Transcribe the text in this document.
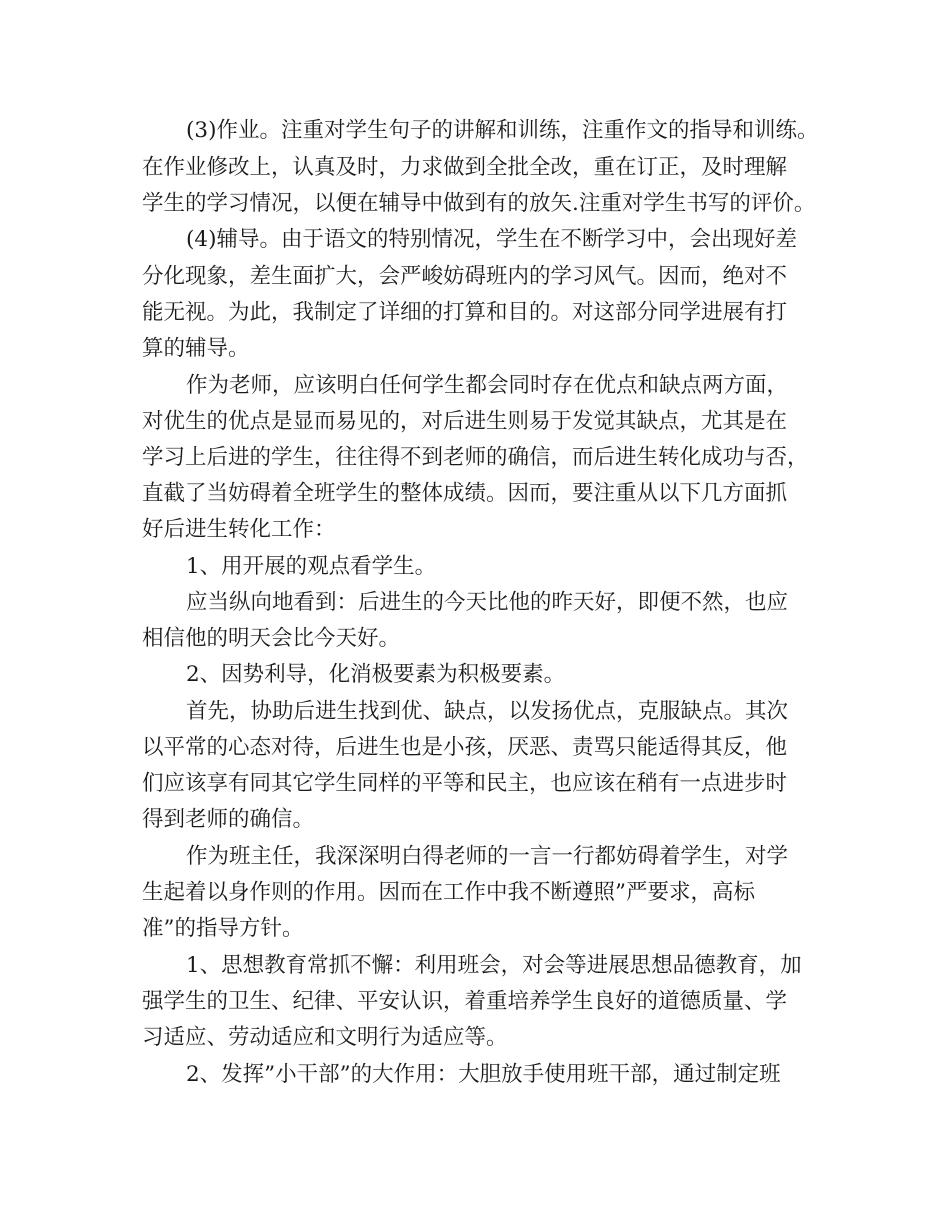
(3)作业。注重对学生句子的讲解和训练，注重作文的指导和训练。
在作业修改上，认真及时，力求做到全批全改，重在订正，及时理解
学生的学习情况，以便在辅导中做到有的放矢.注重对学生书写的评价。
(4)辅导。由于语文的特别情况，学生在不断学习中，会出现好差
分化现象，差生面扩大，会严峻妨碍班内的学习风气。因而，绝对不
能无视。为此，我制定了详细的打算和目的。对这部分同学进展有打
算的辅导。
作为老师，应该明白任何学生都会同时存在优点和缺点两方面，
对优生的优点是显而易见的，对后进生则易于发觉其缺点，尤其是在
学习上后进的学生，往往得不到老师的确信，而后进生转化成功与否，
直截了当妨碍着全班学生的整体成绩。因而，要注重从以下几方面抓
好后进生转化工作：
1、用开展的观点看学生。
应当纵向地看到：后进生的今天比他的昨天好，即便不然，也应
相信他的明天会比今天好。
2、因势利导，化消极要素为积极要素。
首先，协助后进生找到优、缺点，以发扬优点，克服缺点。其次
以平常的心态对待，后进生也是小孩，厌恶、责骂只能适得其反，他
们应该享有同其它学生同样的平等和民主，也应该在稍有一点进步时
得到老师的确信。
作为班主任，我深深明白得老师的一言一行都妨碍着学生，对学
生起着以身作则的作用。因而在工作中我不断遵照”严要求，高标
准”的指导方针。
1、思想教育常抓不懈：利用班会，对会等进展思想品德教育，加
强学生的卫生、纪律、平安认识，着重培养学生良好的道德质量、学
习适应、劳动适应和文明行为适应等。
2、发挥”小干部”的大作用：大胆放手使用班干部，通过制定班
